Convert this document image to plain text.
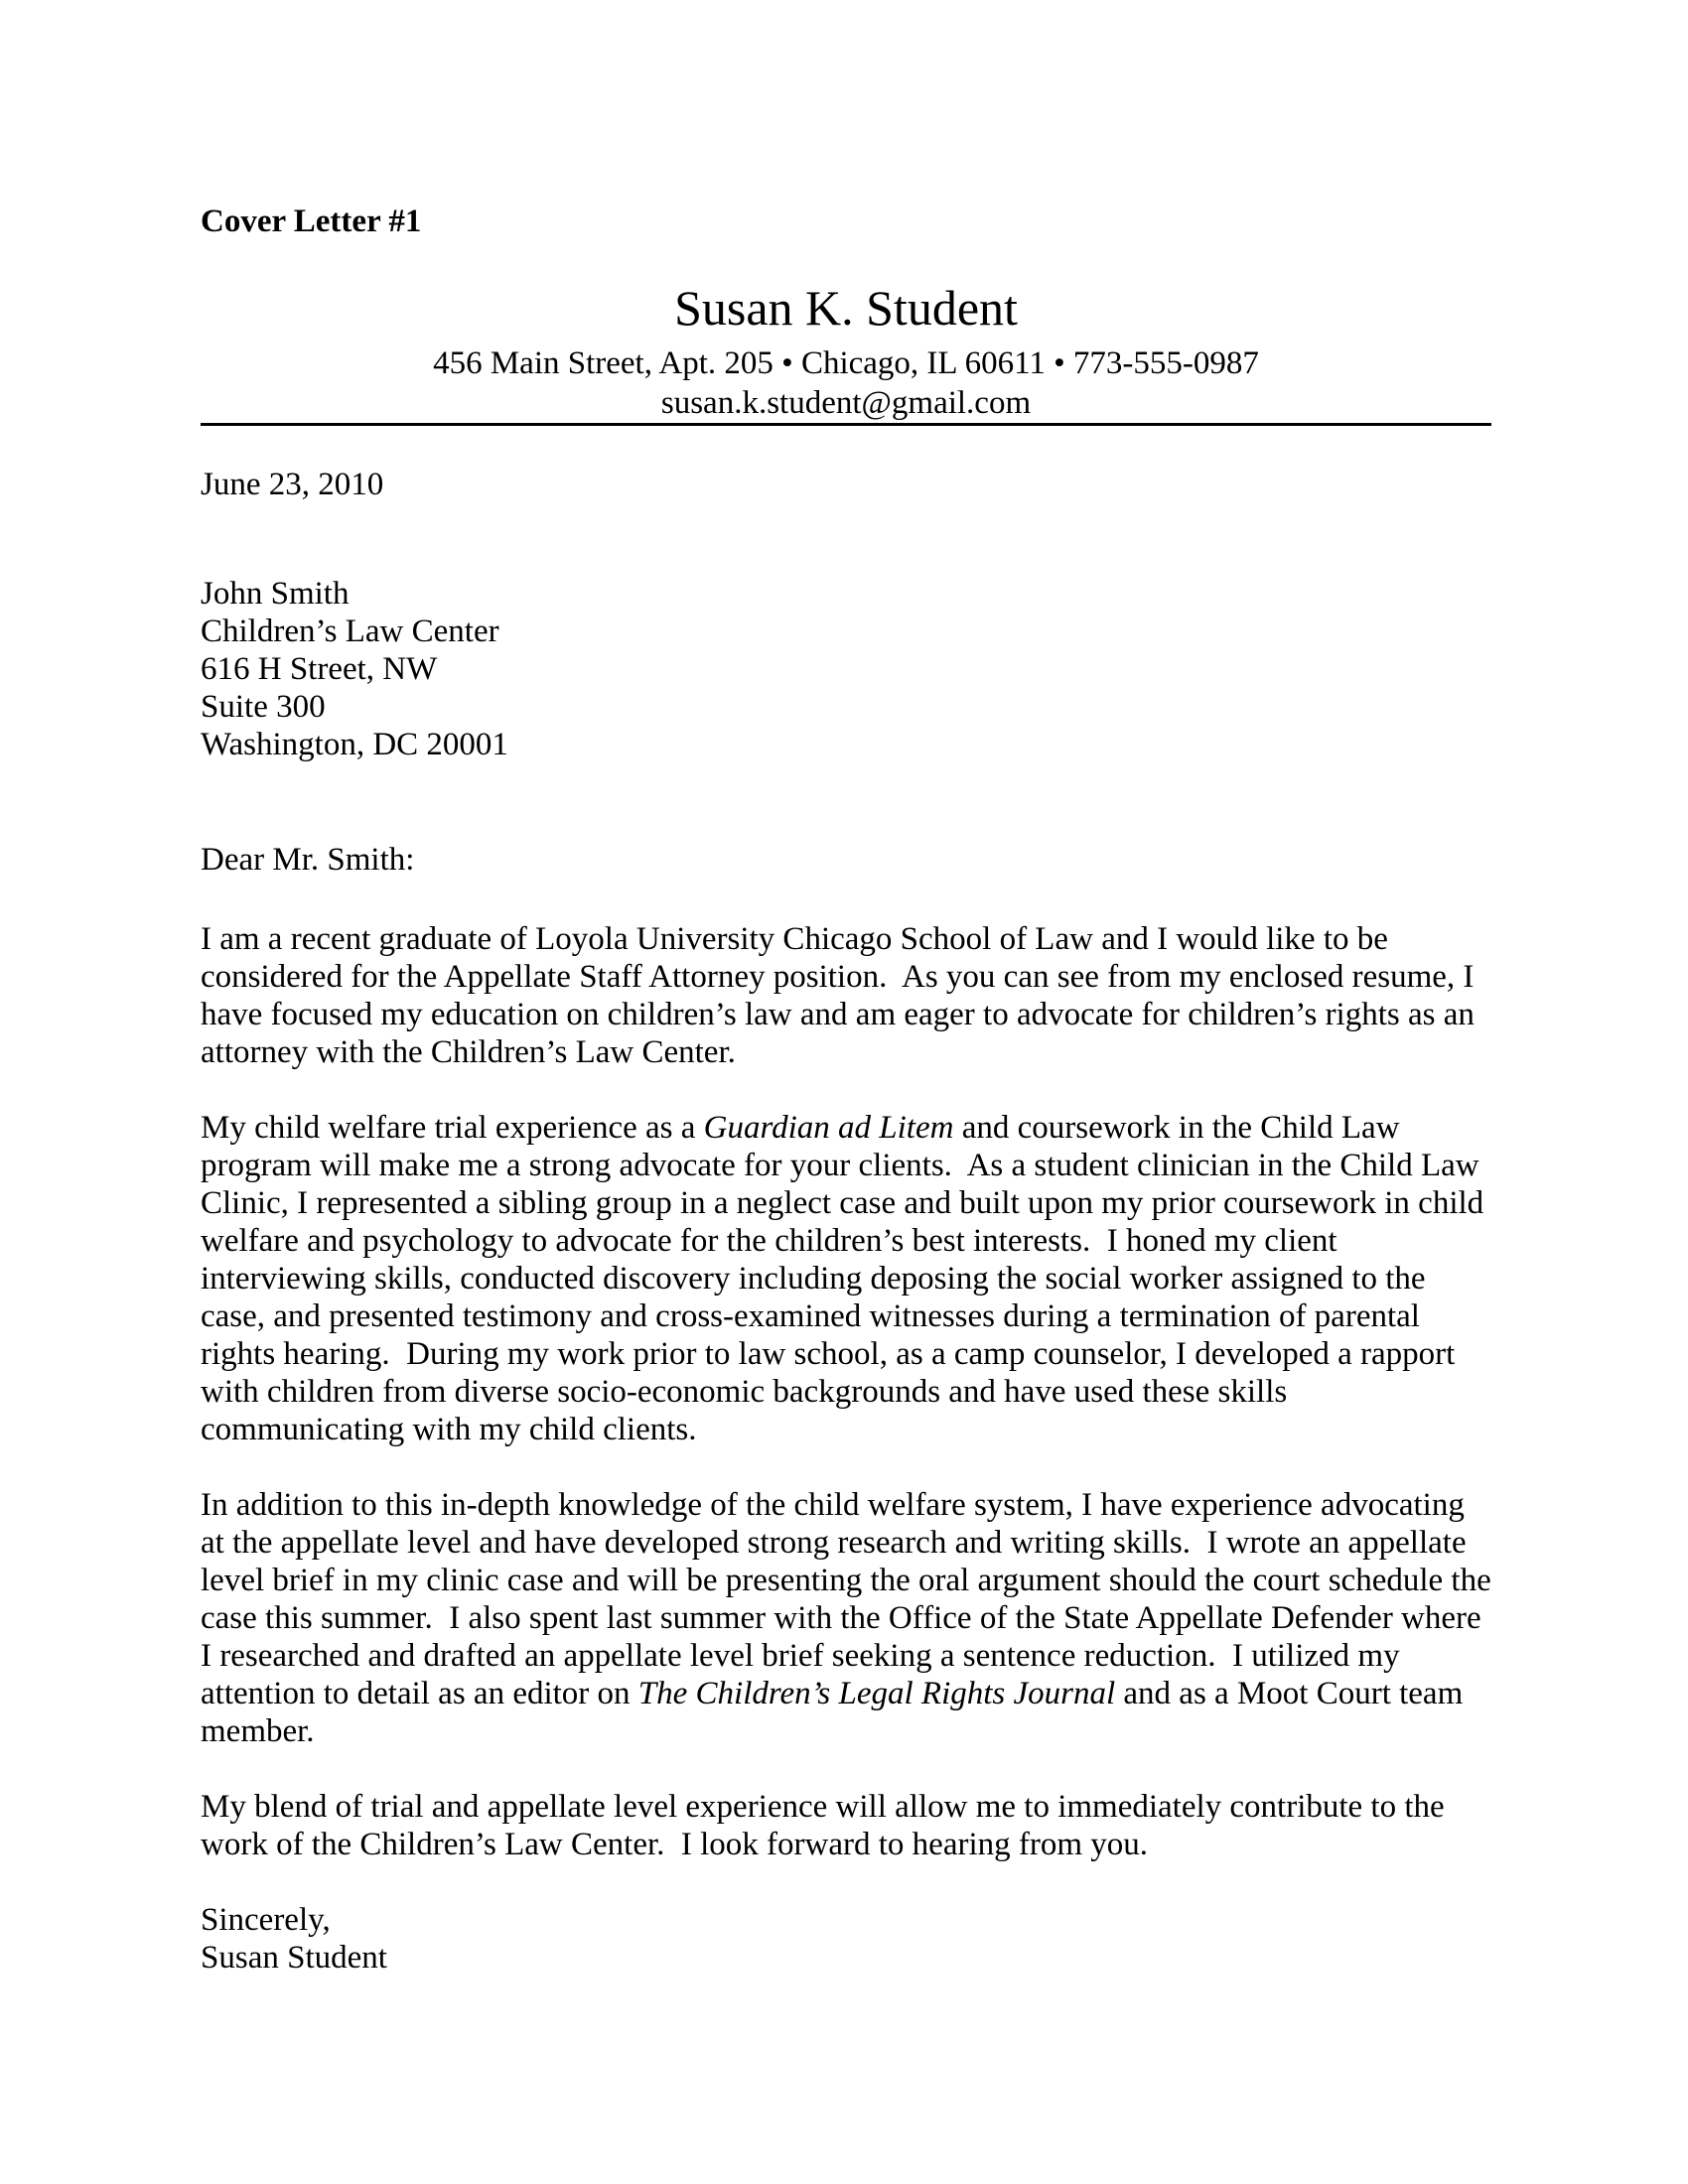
Cover Letter #1
Susan K. Student
456 Main Street, Apt. 205 • Chicago, IL 60611 • 773-555-0987
susan.k.student@gmail.com
June 23, 2010
John Smith
Children’s Law Center
616 H Street, NW
Suite 300
Washington, DC 20001
Dear Mr. Smith:

I am a recent graduate of Loyola University Chicago School of Law and I would like to be considered for the Appellate Staff Attorney position.  As you can see from my enclosed resume, I have focused my education on children’s law and am eager to advocate for children’s rights as an attorney with the Children’s Law Center.

My child welfare trial experience as a Guardian ad Litem and coursework in the Child Law program will make me a strong advocate for your clients.  As a student clinician in the Child Law Clinic, I represented a sibling group in a neglect case and built upon my prior coursework in child welfare and psychology to advocate for the children’s best interests.  I honed my client interviewing skills, conducted discovery including deposing the social worker assigned to the case, and presented testimony and cross-examined witnesses during a termination of parental rights hearing.  During my work prior to law school, as a camp counselor, I developed a rapport with children from diverse socio-economic backgrounds and have used these skills communicating with my child clients.

In addition to this in-depth knowledge of the child welfare system, I have experience advocating at the appellate level and have developed strong research and writing skills.  I wrote an appellate level brief in my clinic case and will be presenting the oral argument should the court schedule the case this summer.  I also spent last summer with the Office of the State Appellate Defender where I researched and drafted an appellate level brief seeking a sentence reduction.  I utilized my attention to detail as an editor on The Children’s Legal Rights Journal and as a Moot Court team member.

My blend of trial and appellate level experience will allow me to immediately contribute to the work of the Children’s Law Center.  I look forward to hearing from you.

Sincerely,
Susan Student
